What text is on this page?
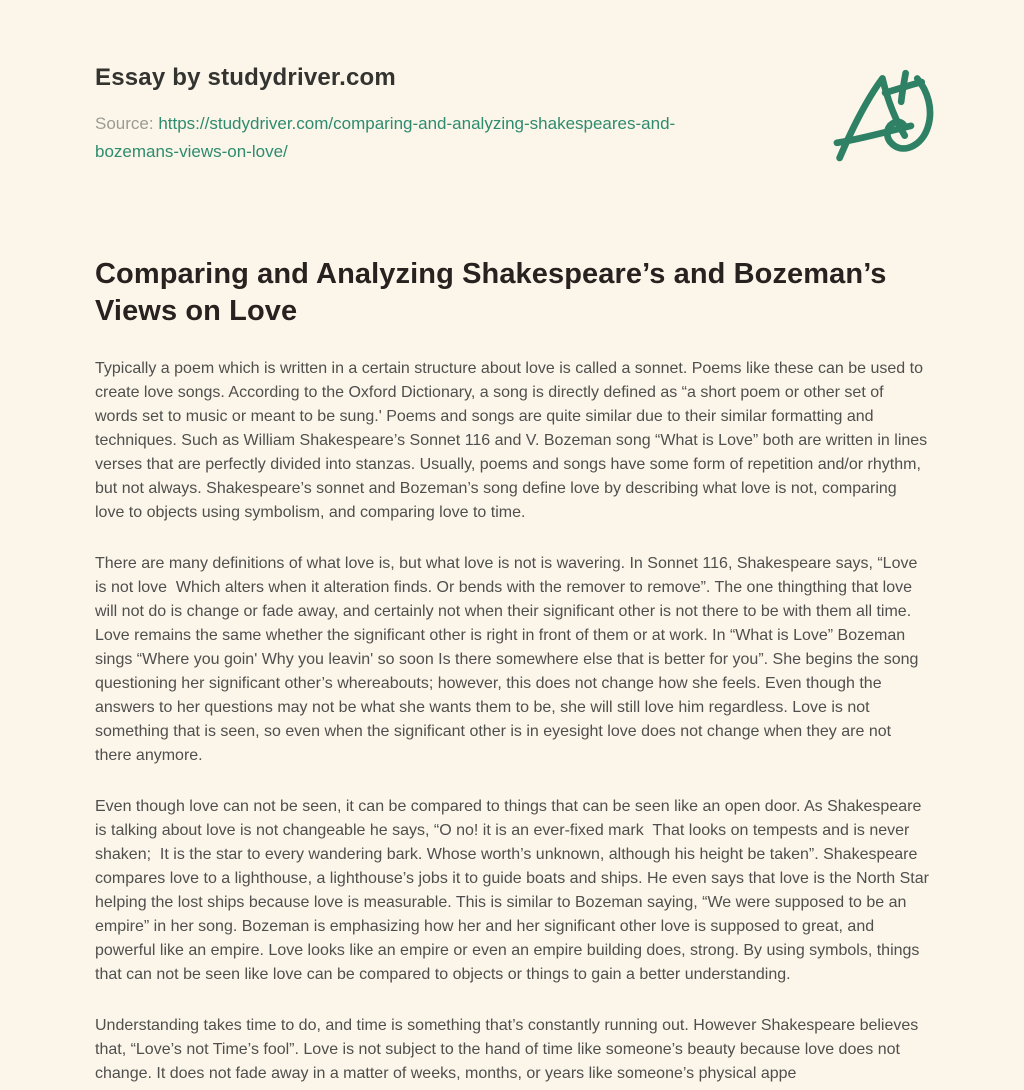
Essay by studydriver.com
Source: https://studydriver.com/comparing-and-analyzing-shakespeares-and-bozemans-views-on-love/
Comparing and Analyzing Shakespeare’s and Bozeman’s Views on Love

Typically a poem which is written in a certain structure about love is called a sonnet. Poems like these can be used to create love songs. According to the Oxford Dictionary, a song is directly defined as “a short poem or other set of words set to music or meant to be sung.' Poems and songs are quite similar due to their similar formatting and techniques. Such as William Shakespeare’s Sonnet 116 and V. Bozeman song “What is Love” both are written in lines verses that are perfectly divided into stanzas. Usually, poems and songs have some form of repetition and/or rhythm, but not always. Shakespeare’s sonnet and Bozeman’s song define love by describing what love is not, comparing love to objects using symbolism, and comparing love to time.

There are many definitions of what love is, but what love is not is wavering. In Sonnet 116, Shakespeare says, “Love is not love  Which alters when it alteration finds. Or bends with the remover to remove”. The one thingthing that love will not do is change or fade away, and certainly not when their significant other is not there to be with them all time. Love remains the same whether the significant other is right in front of them or at work. In “What is Love” Bozeman sings “Where you goin' Why you leavin' so soon Is there somewhere else that is better for you”. She begins the song questioning her significant other’s whereabouts; however, this does not change how she feels. Even though the answers to her questions may not be what she wants them to be, she will still love him regardless. Love is not something that is seen, so even when the significant other is in eyesight love does not change when they are not there anymore.

Even though love can not be seen, it can be compared to things that can be seen like an open door. As Shakespeare is talking about love is not changeable he says, “O no! it is an ever-fixed mark  That looks on tempests and is never shaken;  It is the star to every wandering bark. Whose worth’s unknown, although his height be taken”. Shakespeare compares love to a lighthouse, a lighthouse’s jobs it to guide boats and ships. He even says that love is the North Star helping the lost ships because love is measurable. This is similar to Bozeman saying, “We were supposed to be an empire” in her song. Bozeman is emphasizing how her and her significant other love is supposed to great, and powerful like an empire. Love looks like an empire or even an empire building does, strong. By using symbols, things that can not be seen like love can be compared to objects or things to gain a better understanding.

Understanding takes time to do, and time is something that’s constantly running out. However Shakespeare believes that, “Love’s not Time’s fool”. Love is not subject to the hand of time like someone’s beauty because love does not change. It does not fade away in a matter of weeks, months, or years like someone’s physical appe
